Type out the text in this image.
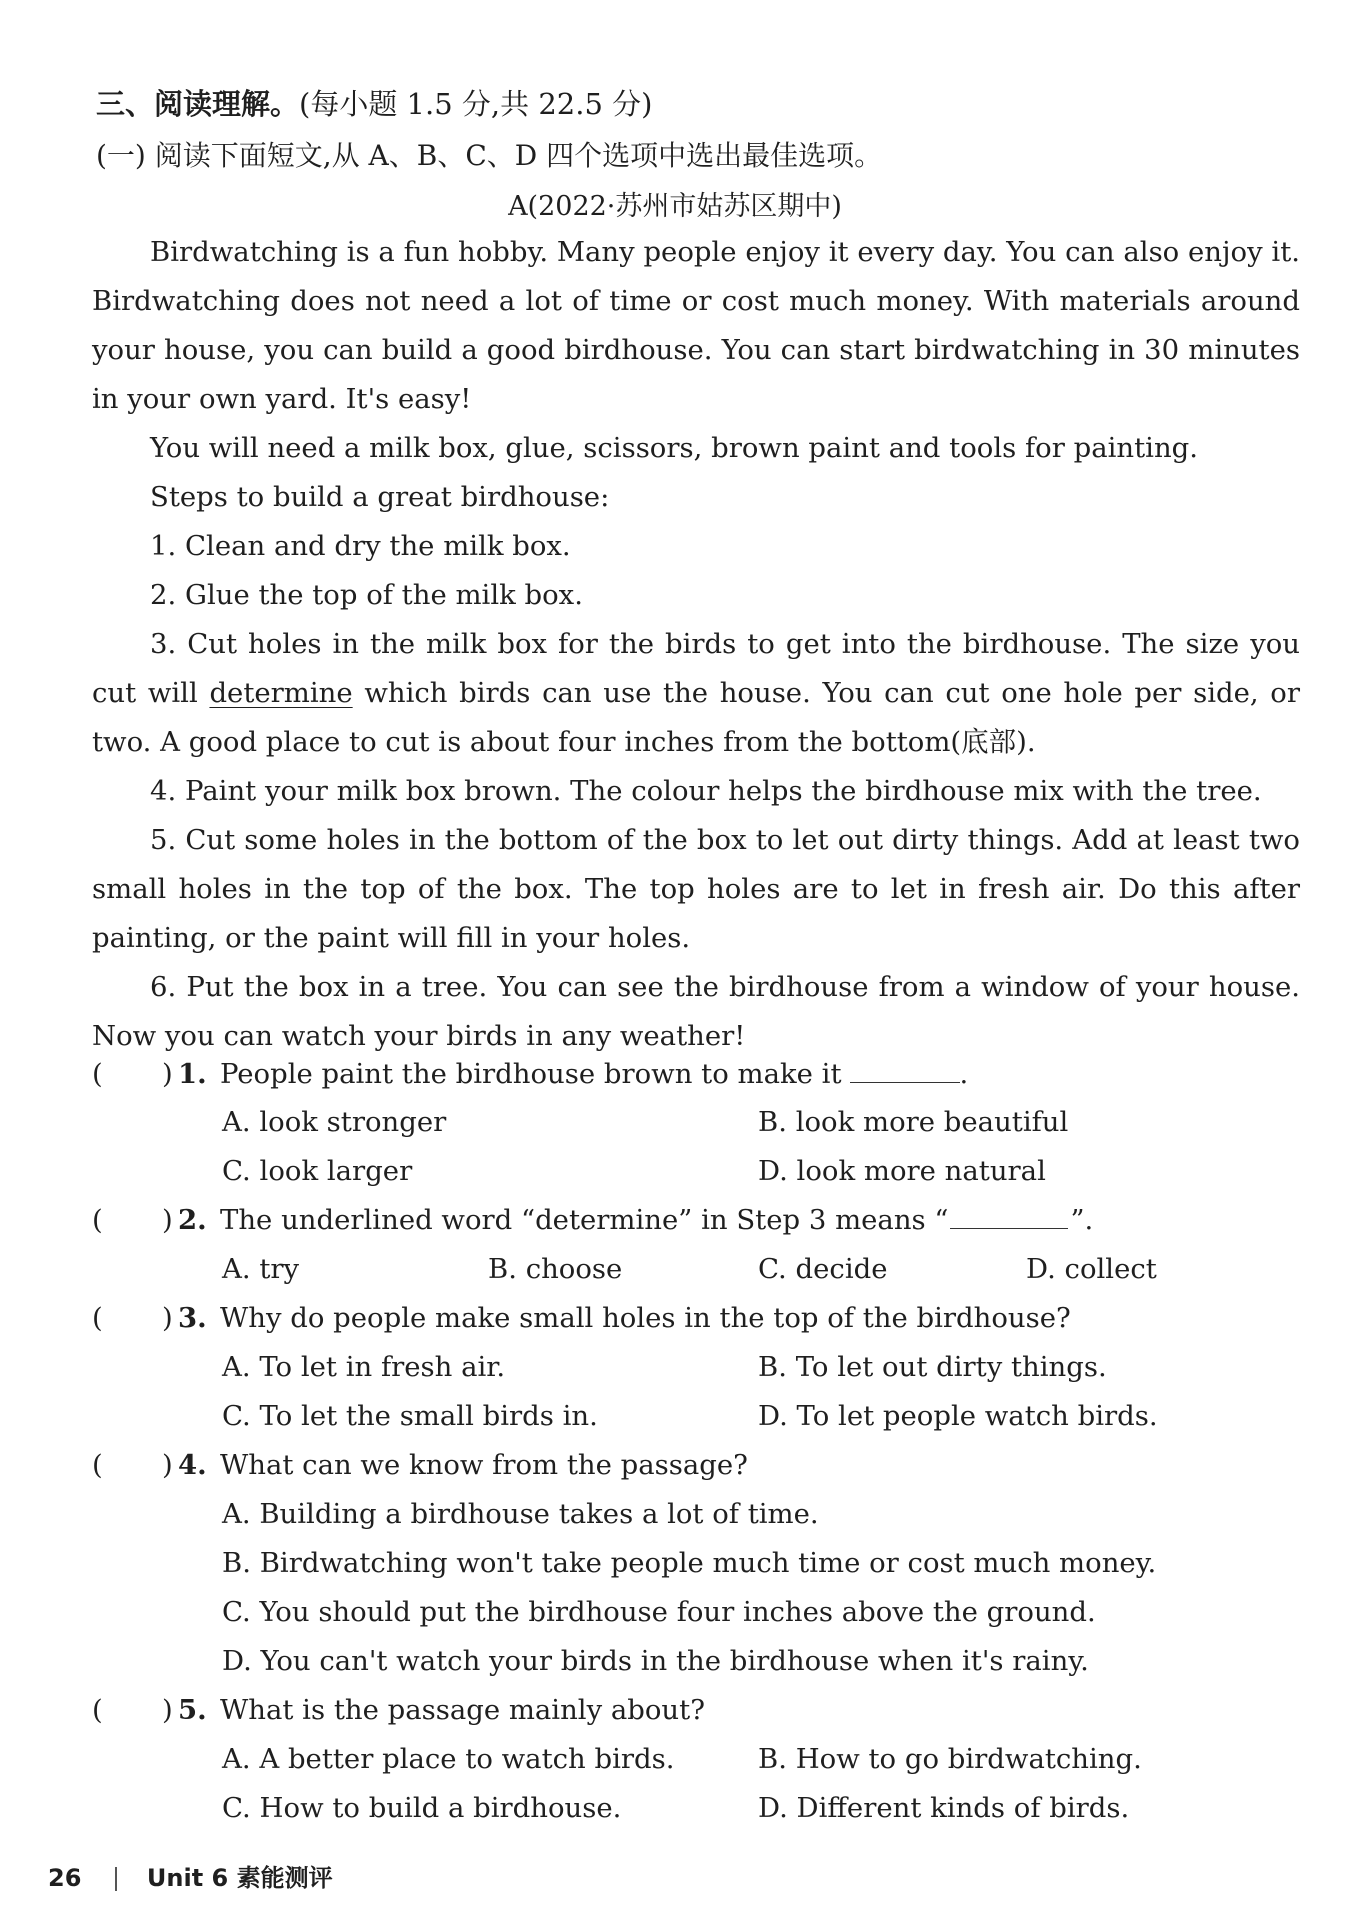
三、阅读理解。(每小题 1.5 分,共 22.5 分)
(一) 阅读下面短文,从 A、B、C、D 四个选项中选出最佳选项。
A(2022·苏州市姑苏区期中)

Birdwatching is a fun hobby. Many people enjoy it every day. You can also enjoy it. Birdwatching does not need a lot of time or cost much money. With materials around your house, you can build a good birdhouse. You can start birdwatching in 30 minutes in your own yard. It's easy!

You will need a milk box, glue, scissors, brown paint and tools for painting.

Steps to build a great birdhouse:

1. Clean and dry the milk box.

2. Glue the top of the milk box.

3. Cut holes in the milk box for the birds to get into the birdhouse. The size you cut will determine which birds can use the house. You can cut one hole per side, or two. A good place to cut is about four inches from the bottom(底部).

4. Paint your milk box brown. The colour helps the birdhouse mix with the tree.

5. Cut some holes in the bottom of the box to let out dirty things. Add at least two small holes in the top of the box. The top holes are to let in fresh air. Do this after painting, or the paint will fill in your holes.

6. Put the box in a tree. You can see the birdhouse from a window of your house. Now you can watch your birds in any weather!

( ) 1. People paint the birdhouse brown to make it	.
A. look stronger	B. look more beautiful
C. look larger	D. look more natural
( ) 2. The underlined word “determine” in Step 3 means “	”.
A. try	B. choose	C. decide	D. collect
( ) 3. Why do people make small holes in the top of the birdhouse?
A. To let in fresh air.	B. To let out dirty things.
C. To let the small birds in.	D. To let people watch birds.
( ) 4. What can we know from the passage?
A. Building a birdhouse takes a lot of time.
B. Birdwatching won't take people much time or cost much money.
C. You should put the birdhouse four inches above the ground.
D. You can't watch your birds in the birdhouse when it's rainy.
( ) 5. What is the passage mainly about?
A. A better place to watch birds.	B. How to go birdwatching.
C. How to build a birdhouse.	D. Different kinds of birds.
26	Unit 6 素能测评
